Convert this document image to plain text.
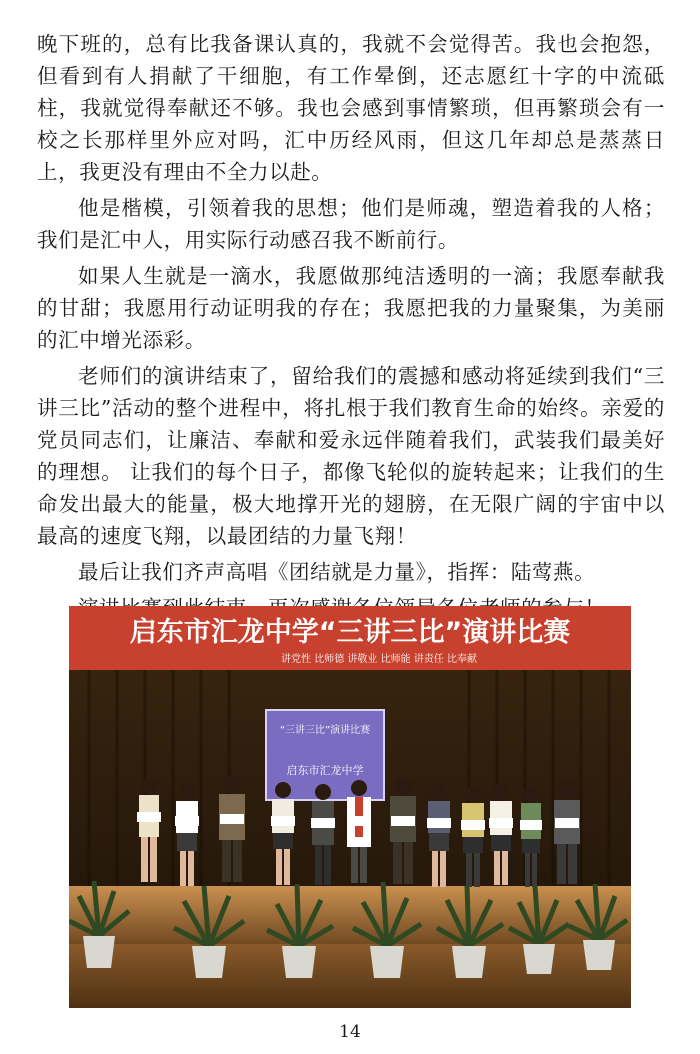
晚下班的，总有比我备课认真的，我就不会觉得苦。我也会抱怨，但看到有人捐献了干细胞，有工作晕倒，还志愿红十字的中流砥柱，我就觉得奉献还不够。我也会感到事情繁琐，但再繁琐会有一校之长那样里外应对吗，汇中历经风雨，但这几年却总是蒸蒸日上，我更没有理由不全力以赴。

他是楷模，引领着我的思想；他们是师魂，塑造着我的人格；我们是汇中人，用实际行动感召我不断前行。

如果人生就是一滴水，我愿做那纯洁透明的一滴；我愿奉献我的甘甜；我愿用行动证明我的存在；我愿把我的力量聚集，为美丽的汇中增光添彩。

老师们的演讲结束了，留给我们的震撼和感动将延续到我们“三讲三比”活动的整个进程中，将扎根于我们教育生命的始终。亲爱的党员同志们，让廉洁、奉献和爱永远伴随着我们，武装我们最美好的理想。 让我们的每个日子，都像飞轮似的旋转起来；让我们的生命发出最大的能量，极大地撑开光的翅膀，在无限广阔的宇宙中以最高的速度飞翔，以最团结的力量飞翔！

最后让我们齐声高唱《团结就是力量》，指挥：陆莺燕。

启东市汇龙中学“三讲三比”演讲比赛
讲党性 比师德 讲敬业 比师能 讲责任 比奉献
“三讲三比”演讲比赛
启东市汇龙中学
14
